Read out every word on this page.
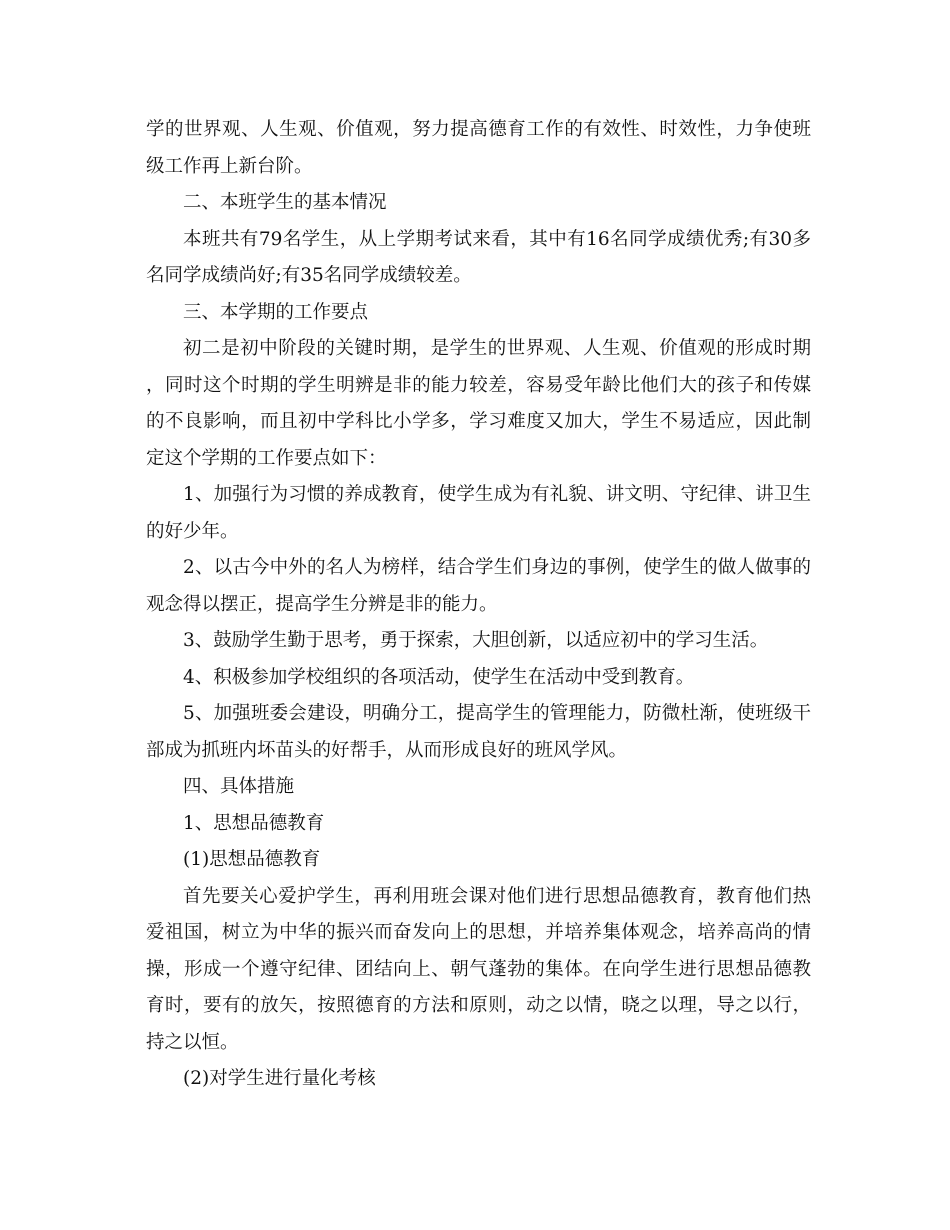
学的世界观、人生观、价值观，努力提高德育工作的有效性、时效性，力争使班级工作再上新台阶。

二、本班学生的基本情况

本班共有79名学生，从上学期考试来看，其中有16名同学成绩优秀;有30多名同学成绩尚好;有35名同学成绩较差。

三、本学期的工作要点

初二是初中阶段的关键时期，是学生的世界观、人生观、价值观的形成时期，同时这个时期的学生明辨是非的能力较差，容易受年龄比他们大的孩子和传媒的不良影响，而且初中学科比小学多，学习难度又加大，学生不易适应，因此制定这个学期的工作要点如下：

1、加强行为习惯的养成教育，使学生成为有礼貌、讲文明、守纪律、讲卫生的好少年。

2、以古今中外的名人为榜样，结合学生们身边的事例，使学生的做人做事的观念得以摆正，提高学生分辨是非的能力。

3、鼓励学生勤于思考，勇于探索，大胆创新，以适应初中的学习生活。

4、积极参加学校组织的各项活动，使学生在活动中受到教育。

5、加强班委会建设，明确分工，提高学生的管理能力，防微杜渐，使班级干部成为抓班内坏苗头的好帮手，从而形成良好的班风学风。

四、具体措施

1、思想品德教育

(1)思想品德教育

首先要关心爱护学生，再利用班会课对他们进行思想品德教育，教育他们热爱祖国，树立为中华的振兴而奋发向上的思想，并培养集体观念，培养高尚的情操，形成一个遵守纪律、团结向上、朝气蓬勃的集体。在向学生进行思想品德教育时，要有的放矢，按照德育的方法和原则，动之以情，晓之以理，导之以行，持之以恒。

(2)对学生进行量化考核
